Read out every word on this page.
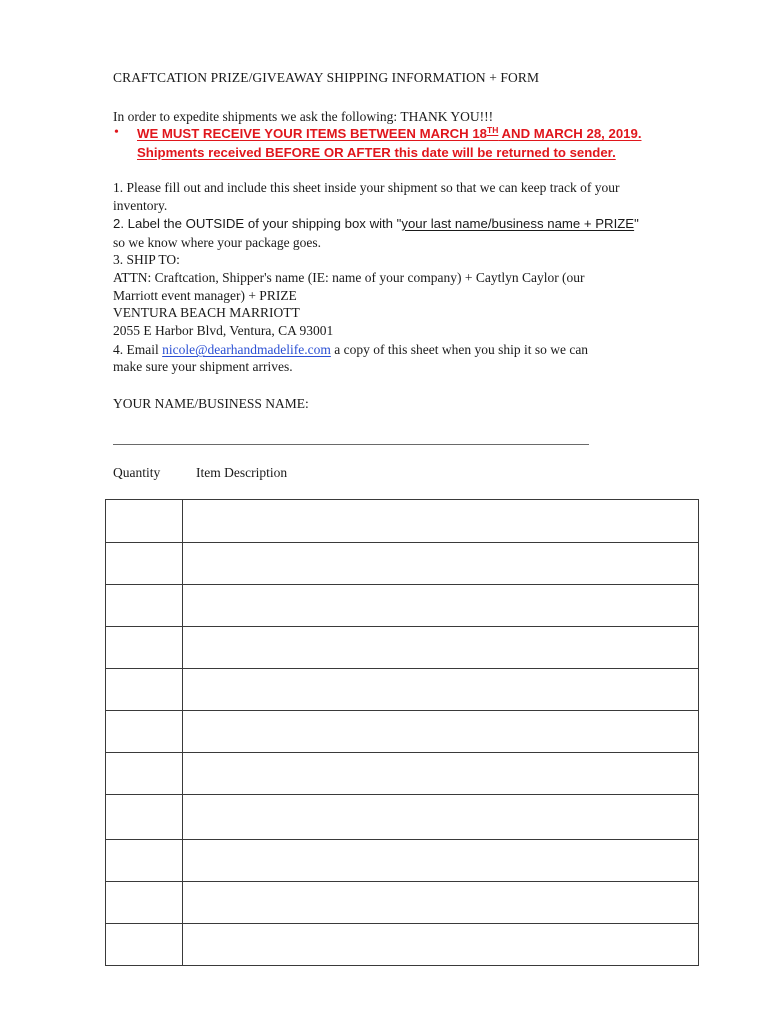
CRAFTCATION PRIZE/GIVEAWAY SHIPPING INFORMATION + FORM
In order to expedite shipments we ask the following: THANK YOU!!!
• WE MUST RECEIVE YOUR ITEMS BETWEEN MARCH 18TH AND MARCH 28, 2019.
Shipments received BEFORE OR AFTER this date will be returned to sender.
1. Please fill out and include this sheet inside your shipment so that we can keep track of your
inventory.
2. Label the OUTSIDE of your shipping box with "your last name/business name + PRIZE"
so we know where your package goes.
3. SHIP TO:
ATTN: Craftcation, Shipper's name (IE: name of your company) + Caytlyn Caylor (our
Marriott event manager) + PRIZE
VENTURA BEACH MARRIOTT
2055 E Harbor Blvd, Ventura, CA 93001
4. Email nicole@dearhandmadelife.com a copy of this sheet when you ship it so we can
make sure your shipment arrives.
YOUR NAME/BUSINESS NAME:
Quantity	Item Description
